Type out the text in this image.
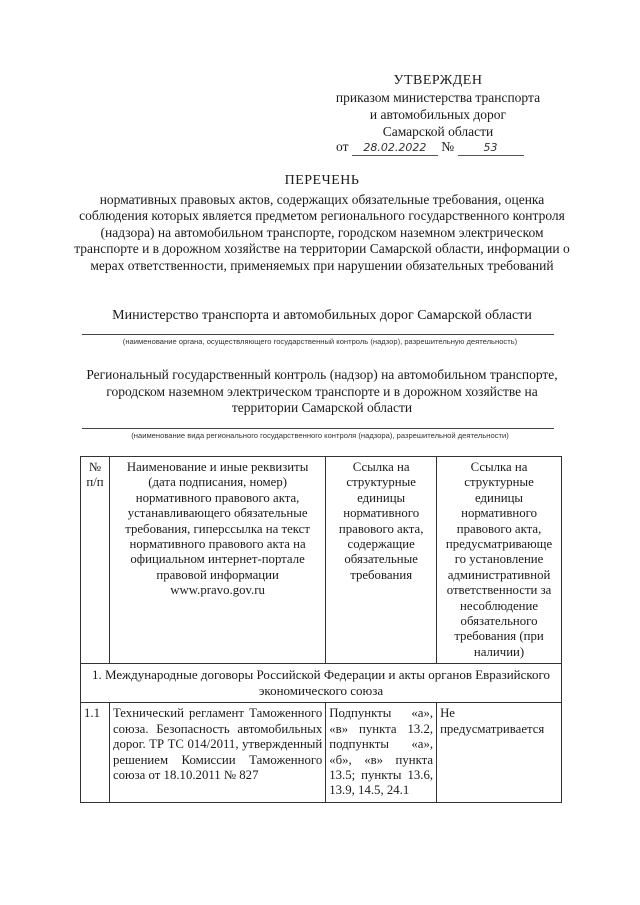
УТВЕРЖДЕН
приказом министерства транспорта
и автомобильных дорог
Самарской области
от 28.02.2022 №	53
ПЕРЕЧЕНЬ
нормативных правовых актов, содержащих обязательные требования, оценка соблюдения которых является предметом регионального государственного контроля (надзора) на автомобильном транспорте, городском наземном электрическом транспорте и в дорожном хозяйстве на территории Самарской области, информации о мерах ответственности, применяемых при нарушении обязательных требований
Министерство транспорта и автомобильных дорог Самарской области
(наименование органа, осуществляющего государственный контроль (надзор), разрешительную деятельность)
Региональный государственный контроль (надзор) на автомобильном транспорте, городском наземном электрическом транспорте и в дорожном хозяйстве на территории Самарской области
(наименование вида регионального государственного контроля (надзора), разрешительной деятельности)
№ п/п	Наименование и иные реквизиты (дата подписания, номер) нормативного правового акта, устанавливающего обязательные требования, гиперссылка на текст нормативного правового акта на официальном интернет-портале правовой информации www.pravo.gov.ru	Ссылка на структурные единицы нормативного правового акта, содержащие обязательные требования	Ссылка на структурные единицы нормативного правового акта, предусматривающе го установление административной ответственности за несоблюдение обязательного требования (при наличии)
1. Международные договоры Российской Федерации и акты органов Евразийского экономического союза			
1.1	Технический регламент Таможенного союза. Безопасность автомобильных дорог. ТР ТС 014/2011, утвержденный решением Комиссии Таможенного союза от 18.10.2011 № 827	Подпункты «а», «в» пункта 13.2, подпункты «а», «б», «в» пункта 13.5; пункты 13.6, 13.9, 14.5, 24.1	Не предусматривается
